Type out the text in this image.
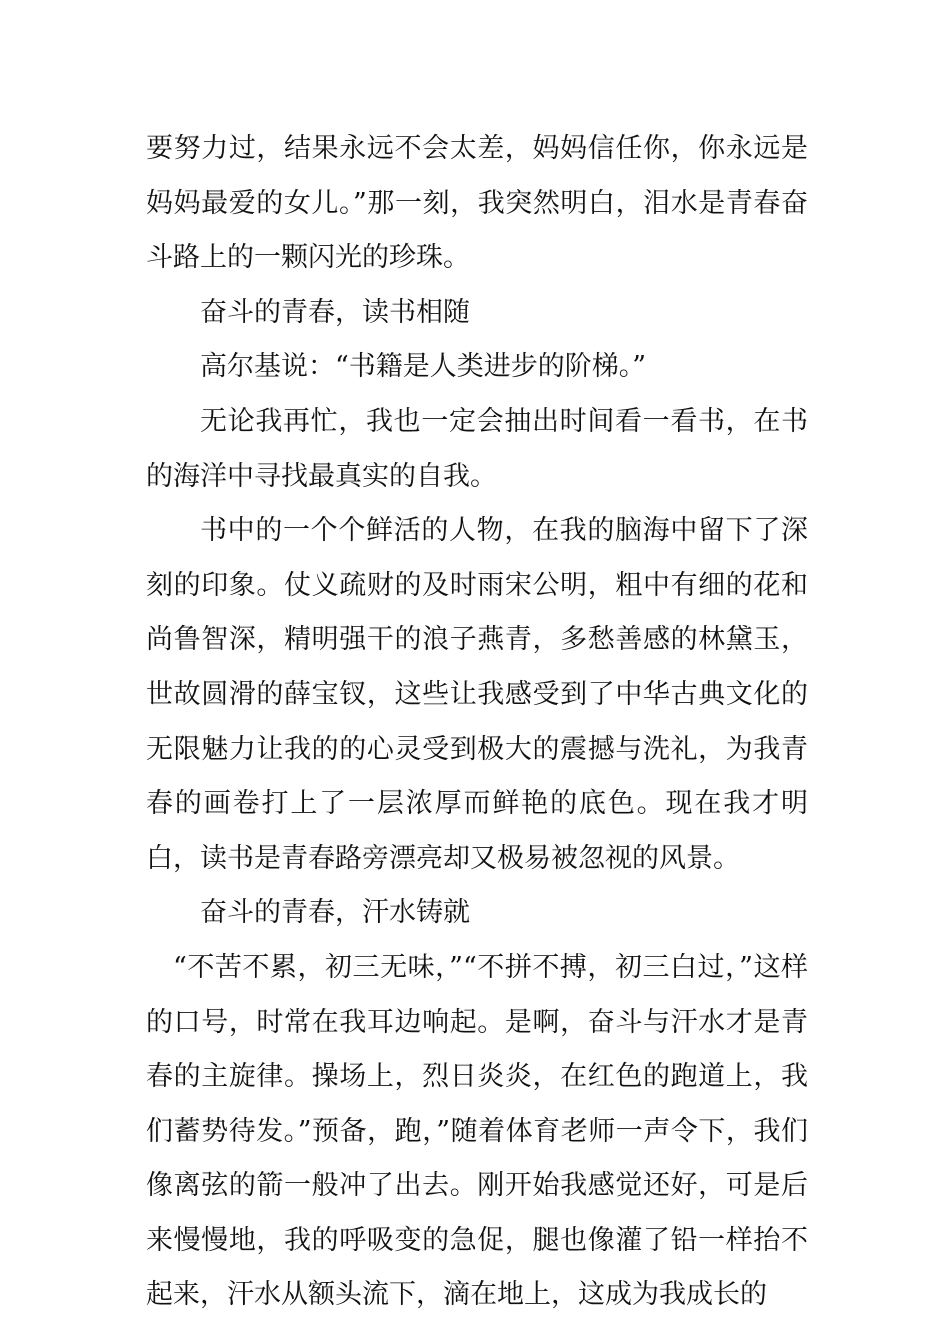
要努力过，结果永远不会太差，妈妈信任你，你永远是妈妈最爱的女儿。”那一刻，我突然明白，泪水是青春奋斗路上的一颗闪光的珍珠。

奋斗的青春，读书相随

高尔基说：“书籍是人类进步的阶梯。”

无论我再忙，我也一定会抽出时间看一看书，在书的海洋中寻找最真实的自我。

书中的一个个鲜活的人物，在我的脑海中留下了深刻的印象。仗义疏财的及时雨宋公明，粗中有细的花和尚鲁智深，精明强干的浪子燕青，多愁善感的林黛玉，世故圆滑的薛宝钗，这些让我感受到了中华古典文化的无限魅力让我的的心灵受到极大的震撼与洗礼，为我青春的画卷打上了一层浓厚而鲜艳的底色。现在我才明白，读书是青春路旁漂亮却又极易被忽视的风景。

奋斗的青春，汗水铸就

“不苦不累，初三无味，”“不拼不搏，初三白过，”这样的口号，时常在我耳边响起。是啊，奋斗与汗水才是青春的主旋律。操场上，烈日炎炎，在红色的跑道上，我们蓄势待发。”预备，跑，”随着体育老师一声令下，我们像离弦的箭一般冲了出去。刚开始我感觉还好，可是后来慢慢地，我的呼吸变的急促，腿也像灌了铅一样抬不起来，汗水从额头流下，滴在地上，这成为我成长的
